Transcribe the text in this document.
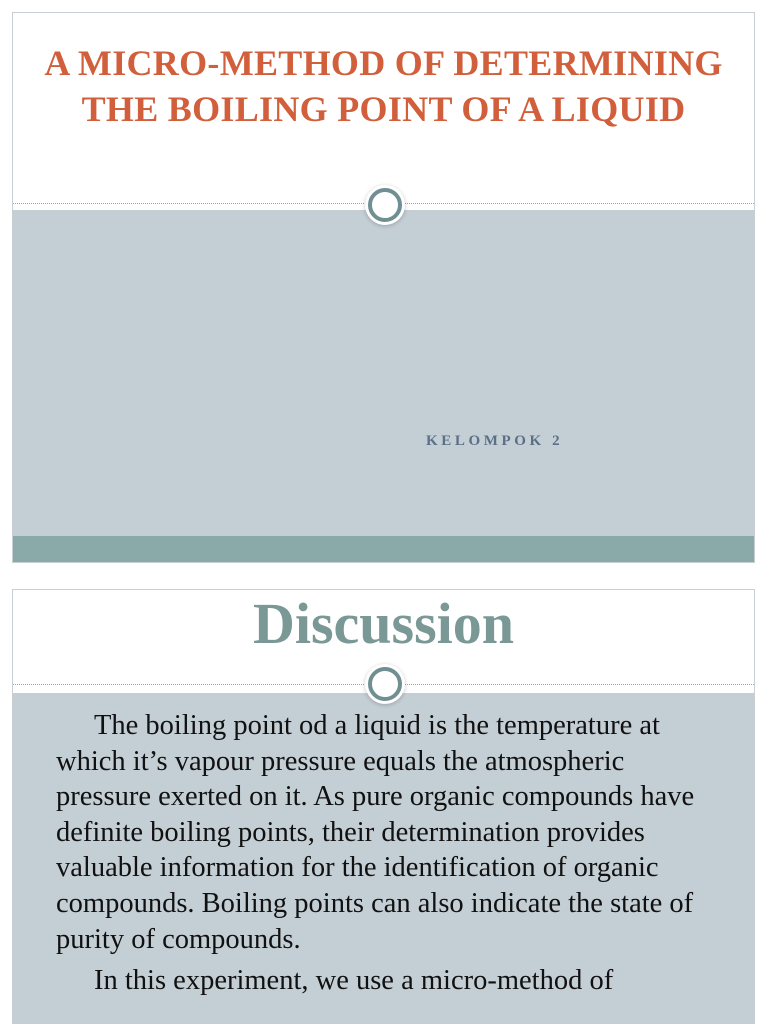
A MICRO-METHOD OF DETERMINING THE BOILING POINT OF A LIQUID
KELOMPOK 2
Discussion

The boiling point od a liquid is the temperature at which it’s vapour pressure equals the atmospheric pressure exerted on it. As pure organic compounds have definite boiling points, their determination provides valuable information for the identification of organic compounds. Boiling points can also indicate the state of purity of compounds.

In this experiment, we use a micro-method of
